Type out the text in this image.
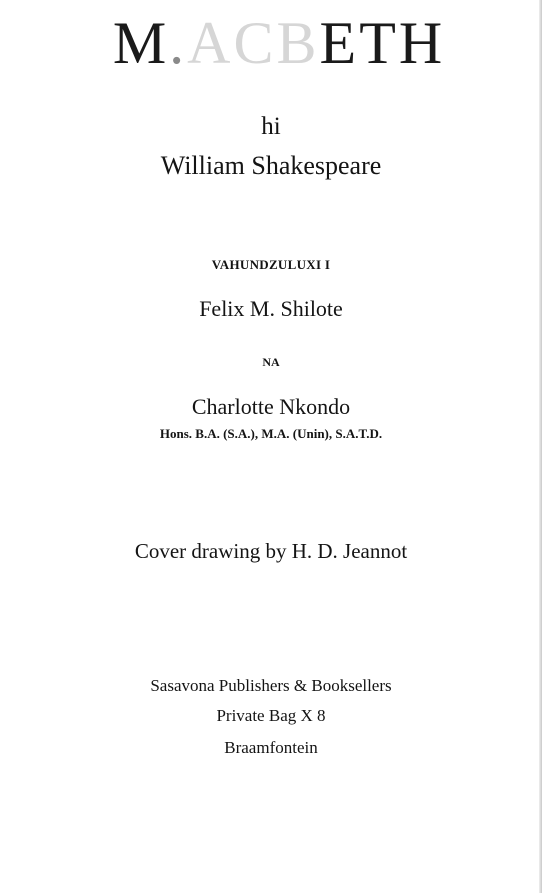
M.ACBETH
hi
William Shakespeare
VAHUNDZULUXI I
Felix M. Shilote
NA
Charlotte Nkondo
Hons. B.A. (S.A.), M.A. (Unin), S.A.T.D.
Cover drawing by H. D. Jeannot
Sasavona Publishers & Booksellers
Private Bag X 8
Braamfontein
